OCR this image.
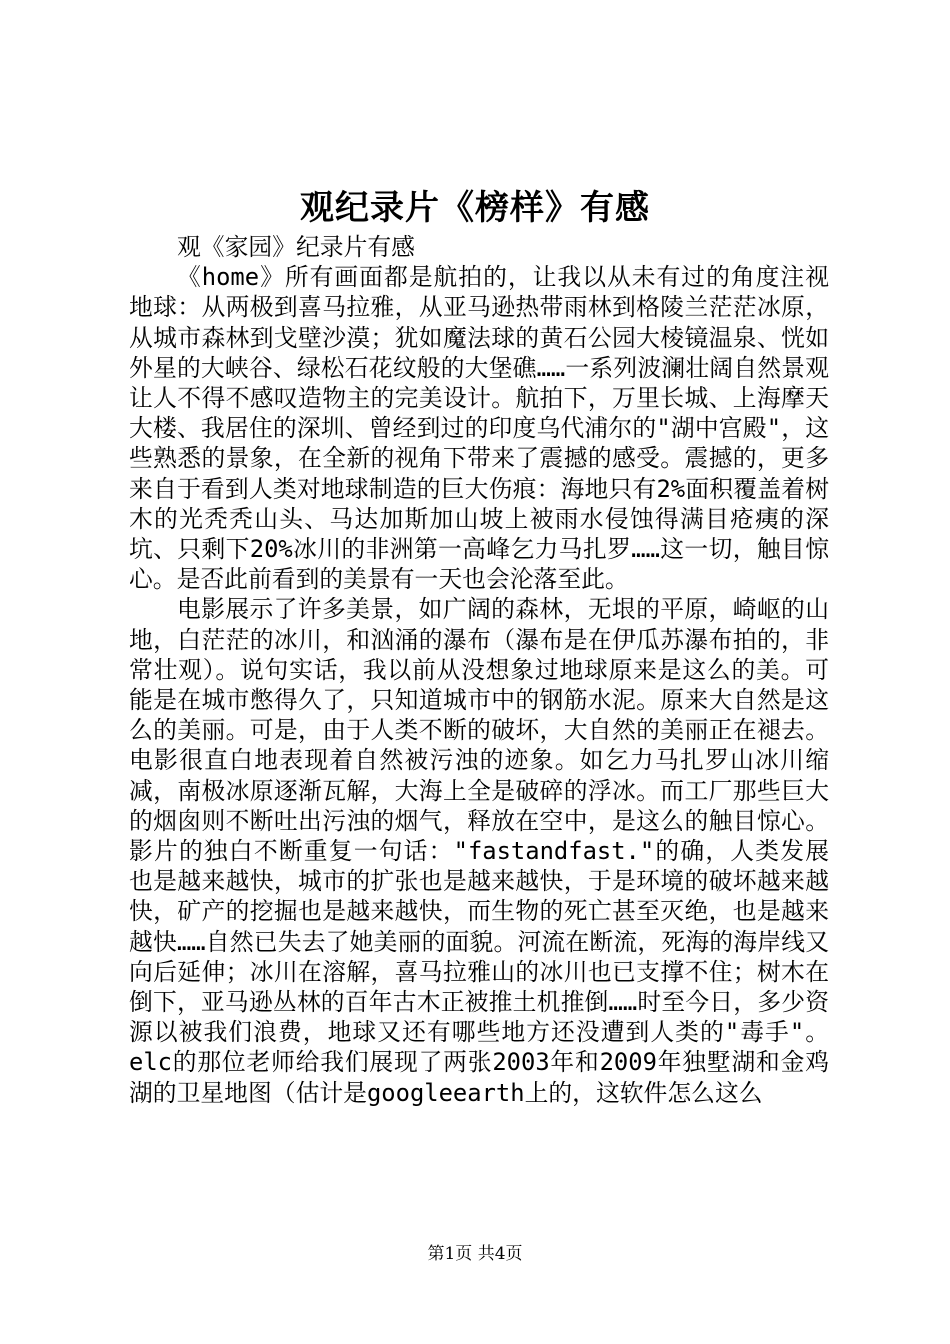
观纪录片《榜样》有感

观《家园》纪录片有感

《home》所有画面都是航拍的，让我以从未有过的角度注视地球：从两极到喜马拉雅，从亚马逊热带雨林到格陵兰茫茫冰原，从城市森林到戈壁沙漠；犹如魔法球的黄石公园大棱镜温泉、恍如外星的大峡谷、绿松石花纹般的大堡礁……一系列波澜壮阔自然景观让人不得不感叹造物主的完美设计。航拍下，万里长城、上海摩天大楼、我居住的深圳、曾经到过的印度乌代浦尔的"湖中宫殿"，这些熟悉的景象，在全新的视角下带来了震撼的感受。震撼的，更多来自于看到人类对地球制造的巨大伤痕：海地只有2%面积覆盖着树木的光秃秃山头、马达加斯加山坡上被雨水侵蚀得满目疮痍的深坑、只剩下20%冰川的非洲第一高峰乞力马扎罗……这一切，触目惊心。是否此前看到的美景有一天也会沦落至此。

电影展示了许多美景，如广阔的森林，无垠的平原，崎岖的山地，白茫茫的冰川，和汹涌的瀑布（瀑布是在伊瓜苏瀑布拍的，非常壮观）。说句实话，我以前从没想象过地球原来是这么的美。可能是在城市憋得久了，只知道城市中的钢筋水泥。原来大自然是这么的美丽。可是，由于人类不断的破坏，大自然的美丽正在褪去。电影很直白地表现着自然被污浊的迹象。如乞力马扎罗山冰川缩减，南极冰原逐渐瓦解，大海上全是破碎的浮冰。而工厂那些巨大的烟囱则不断吐出污浊的烟气，释放在空中，是这么的触目惊心。影片的独白不断重复一句话："fastandfast."的确，人类发展也是越来越快，城市的扩张也是越来越快，于是环境的破坏越来越快，矿产的挖掘也是越来越快，而生物的死亡甚至灭绝，也是越来越快……自然已失去了她美丽的面貌。河流在断流，死海的海岸线又向后延伸；冰川在溶解，喜马拉雅山的冰川也已支撑不住；树木在倒下，亚马逊丛林的百年古木正被推土机推倒……时至今日，多少资源以被我们浪费，地球又还有哪些地方还没遭到人类的"毒手"。elc的那位老师给我们展现了两张2003年和2009年独墅湖和金鸡湖的卫星地图（估计是googleearth上的，这软件怎么这么

第1页 共4页
